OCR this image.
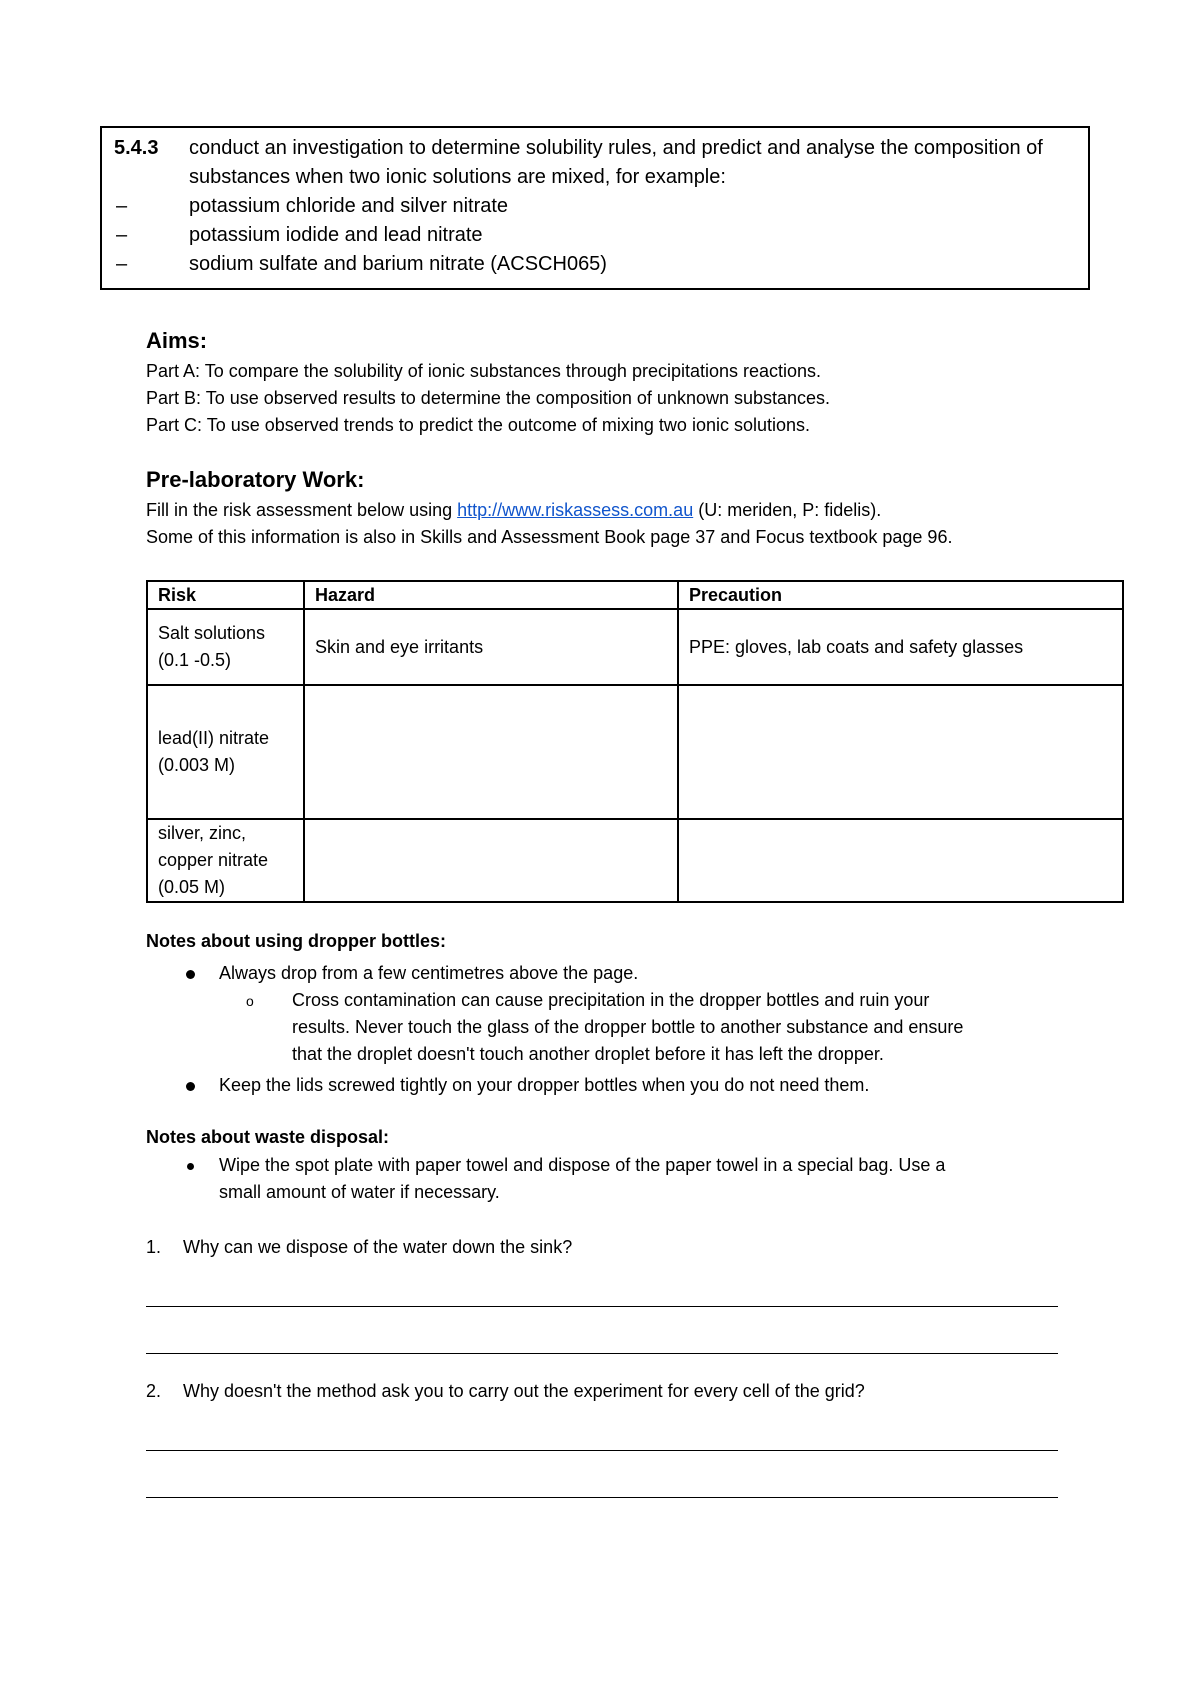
5.4.3 conduct an investigation to determine solubility rules, and predict and analyse the composition of substances when two ionic solutions are mixed, for example:
–	potassium chloride and silver nitrate
–	potassium iodide and lead nitrate
–	sodium sulfate and barium nitrate (ACSCH065)
Aims:
Part A: To compare the solubility of ionic substances through precipitations reactions.
Part B: To use observed results to determine the composition of unknown substances.
Part C: To use observed trends to predict the outcome of mixing two ionic solutions.
Pre-laboratory Work:
Fill in the risk assessment below using http://www.riskassess.com.au (U: meriden, P: fidelis).
Some of this information is also in Skills and Assessment Book page 37 and Focus textbook page 96.
Risk	Hazard	Precaution

Salt solutions
(0.1 -0.5)	Skin and eye irritants	PPE: gloves, lab coats and safety glasses

lead(II) nitrate
(0.003 M)		

silver, zinc,
copper nitrate
(0.05 M)		

Notes about using dropper bottles:
Always drop from a few centimetres above the page.
o Cross contamination can cause precipitation in the dropper bottles and ruin your
results. Never touch the glass of the dropper bottle to another substance and ensure
that the droplet doesn't touch another droplet before it has left the dropper.
Keep the lids screwed tightly on your dropper bottles when you do not need them.
Notes about waste disposal:
Wipe the spot plate with paper towel and dispose of the paper towel in a special bag. Use a
small amount of water if necessary.
1. Why can we dispose of the water down the sink?
2. Why doesn't the method ask you to carry out the experiment for every cell of the grid?
